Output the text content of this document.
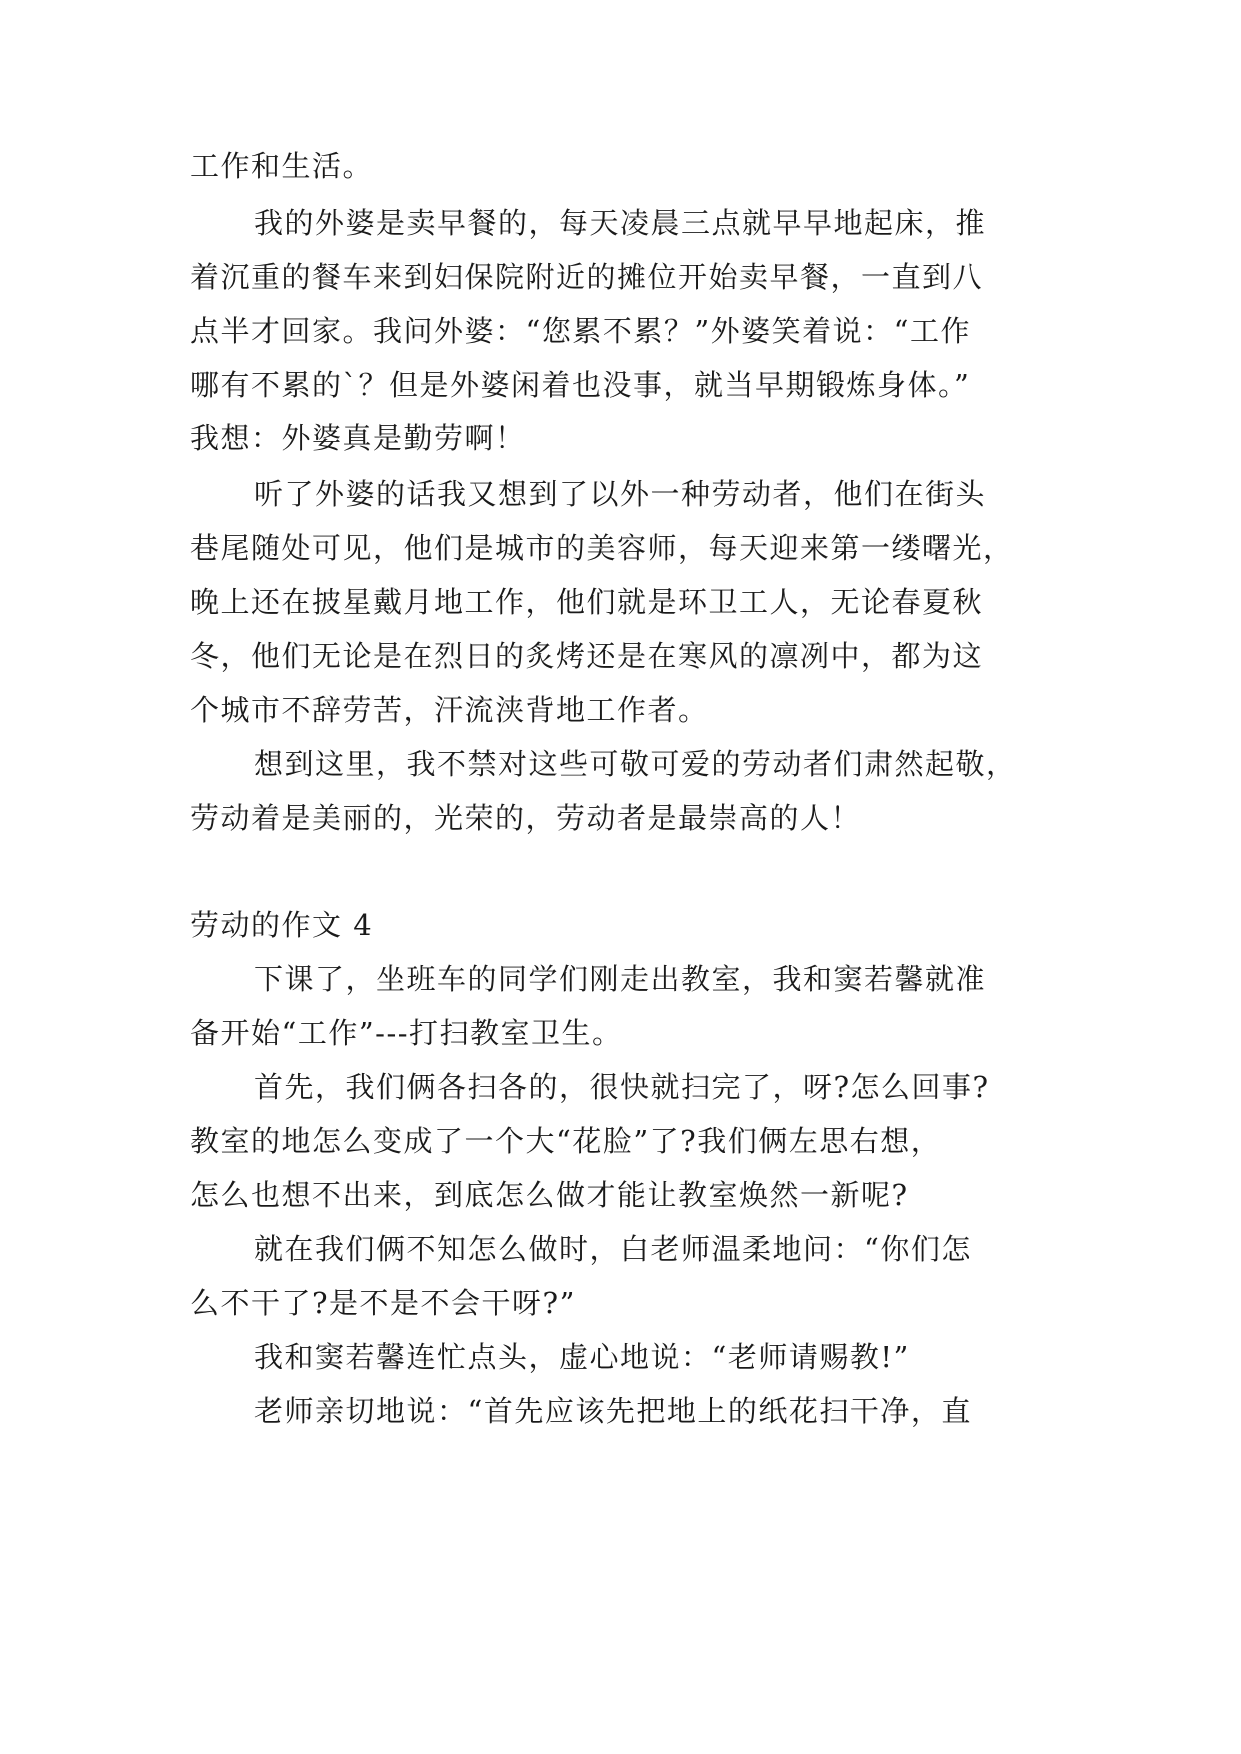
工作和生活。
我的外婆是卖早餐的，每天凌晨三点就早早地起床，推
着沉重的餐车来到妇保院附近的摊位开始卖早餐，一直到八
点半才回家。我问外婆：“您累不累？”外婆笑着说：“工作
哪有不累的`？但是外婆闲着也没事，就当早期锻炼身体。”
我想：外婆真是勤劳啊！
听了外婆的话我又想到了以外一种劳动者，他们在街头
巷尾随处可见，他们是城市的美容师，每天迎来第一缕曙光，
晚上还在披星戴月地工作，他们就是环卫工人，无论春夏秋
冬，他们无论是在烈日的炙烤还是在寒风的凛冽中，都为这
个城市不辞劳苦，汗流浃背地工作者。
想到这里，我不禁对这些可敬可爱的劳动者们肃然起敬，
劳动着是美丽的，光荣的，劳动者是最崇高的人！
劳动的作文 4
下课了，坐班车的同学们刚走出教室，我和窦若馨就准
备开始“工作”---打扫教室卫生。
首先，我们俩各扫各的，很快就扫完了，呀?怎么回事?
教室的地怎么变成了一个大“花脸”了?我们俩左思右想，
怎么也想不出来，到底怎么做才能让教室焕然一新呢?
就在我们俩不知怎么做时，白老师温柔地问：“你们怎
么不干了?是不是不会干呀?”
我和窦若馨连忙点头，虚心地说：“老师请赐教!”
老师亲切地说：“首先应该先把地上的纸花扫干净，直
